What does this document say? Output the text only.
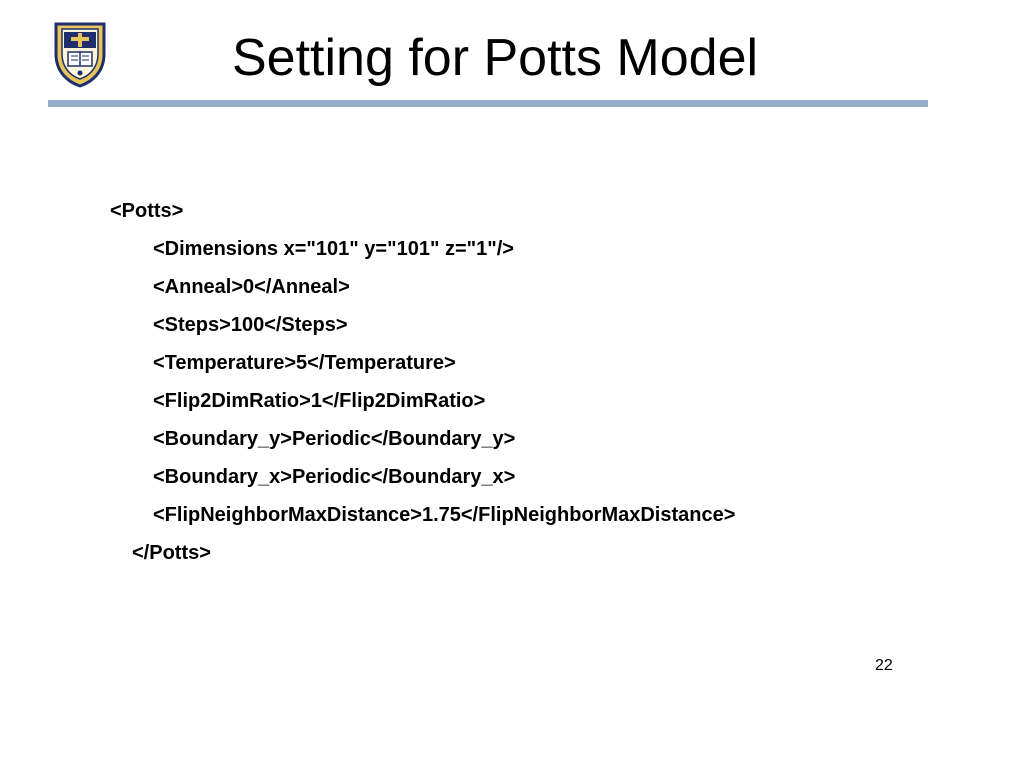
Setting for Potts Model
<Potts>
<Dimensions x="101" y="101" z="1"/>
<Anneal>0</Anneal>
<Steps>100</Steps>
<Temperature>5</Temperature>
<Flip2DimRatio>1</Flip2DimRatio>
<Boundary_y>Periodic</Boundary_y>
<Boundary_x>Periodic</Boundary_x>
<FlipNeighborMaxDistance>1.75</FlipNeighborMaxDistance>
</Potts>
22
